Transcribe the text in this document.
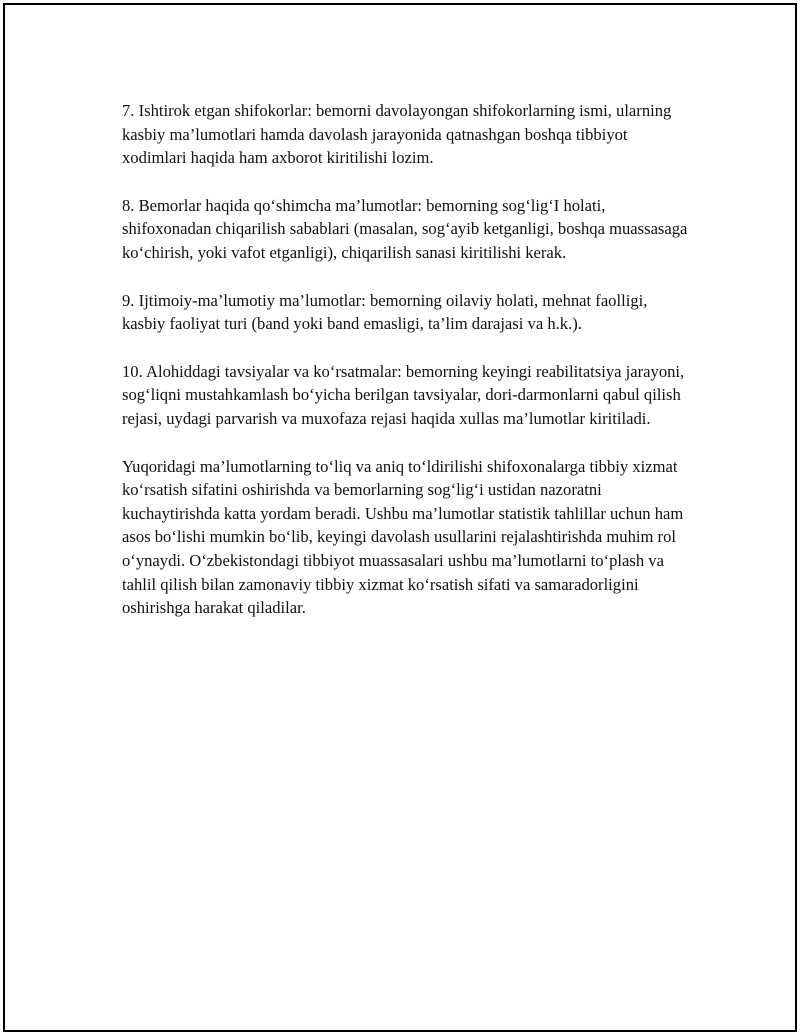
7. Ishtirok etgan shifokorlar: bemorni davolayongan shifokorlarning ismi, ularning kasbiy ma’lumotlari hamda davolash jarayonida qatnashgan boshqa tibbiyot xodimlari haqida ham axborot kiritilishi lozim.

8. Bemorlar haqida qo‘shimcha ma’lumotlar: bemorning sog‘lig‘I holati, shifoxonadan chiqarilish sabablari (masalan, sog‘ayib ketganligi, boshqa muassasaga ko‘chirish, yoki vafot etganligi), chiqarilish sanasi kiritilishi kerak.

9. Ijtimoiy-ma’lumotiy ma’lumotlar: bemorning oilaviy holati, mehnat faolligi, kasbiy faoliyat turi (band yoki band emasligi, ta’lim darajasi va h.k.).

10. Alohiddagi tavsiyalar va ko‘rsatmalar: bemorning keyingi reabilitatsiya jarayoni, sog‘liqni mustahkamlash bo‘yicha berilgan tavsiyalar, dori-darmonlarni qabul qilish rejasi, uydagi parvarish va muxofaza rejasi haqida xullas ma’lumotlar kiritiladi.

Yuqoridagi ma’lumotlarning to‘liq va aniq to‘ldirilishi shifoxonalarga tibbiy xizmat ko‘rsatish sifatini oshirishda va bemorlarning sog‘lig‘i ustidan nazoratni kuchaytirishda katta yordam beradi. Ushbu ma’lumotlar statistik tahlillar uchun ham asos bo‘lishi mumkin bo‘lib, keyingi davolash usullarini rejalashtirishda muhim rol o‘ynaydi. O‘zbekistondagi tibbiyot muassasalari ushbu ma’lumotlarni to‘plash va tahlil qilish bilan zamonaviy tibbiy xizmat ko‘rsatish sifati va samaradorligini oshirishga harakat qiladilar.
